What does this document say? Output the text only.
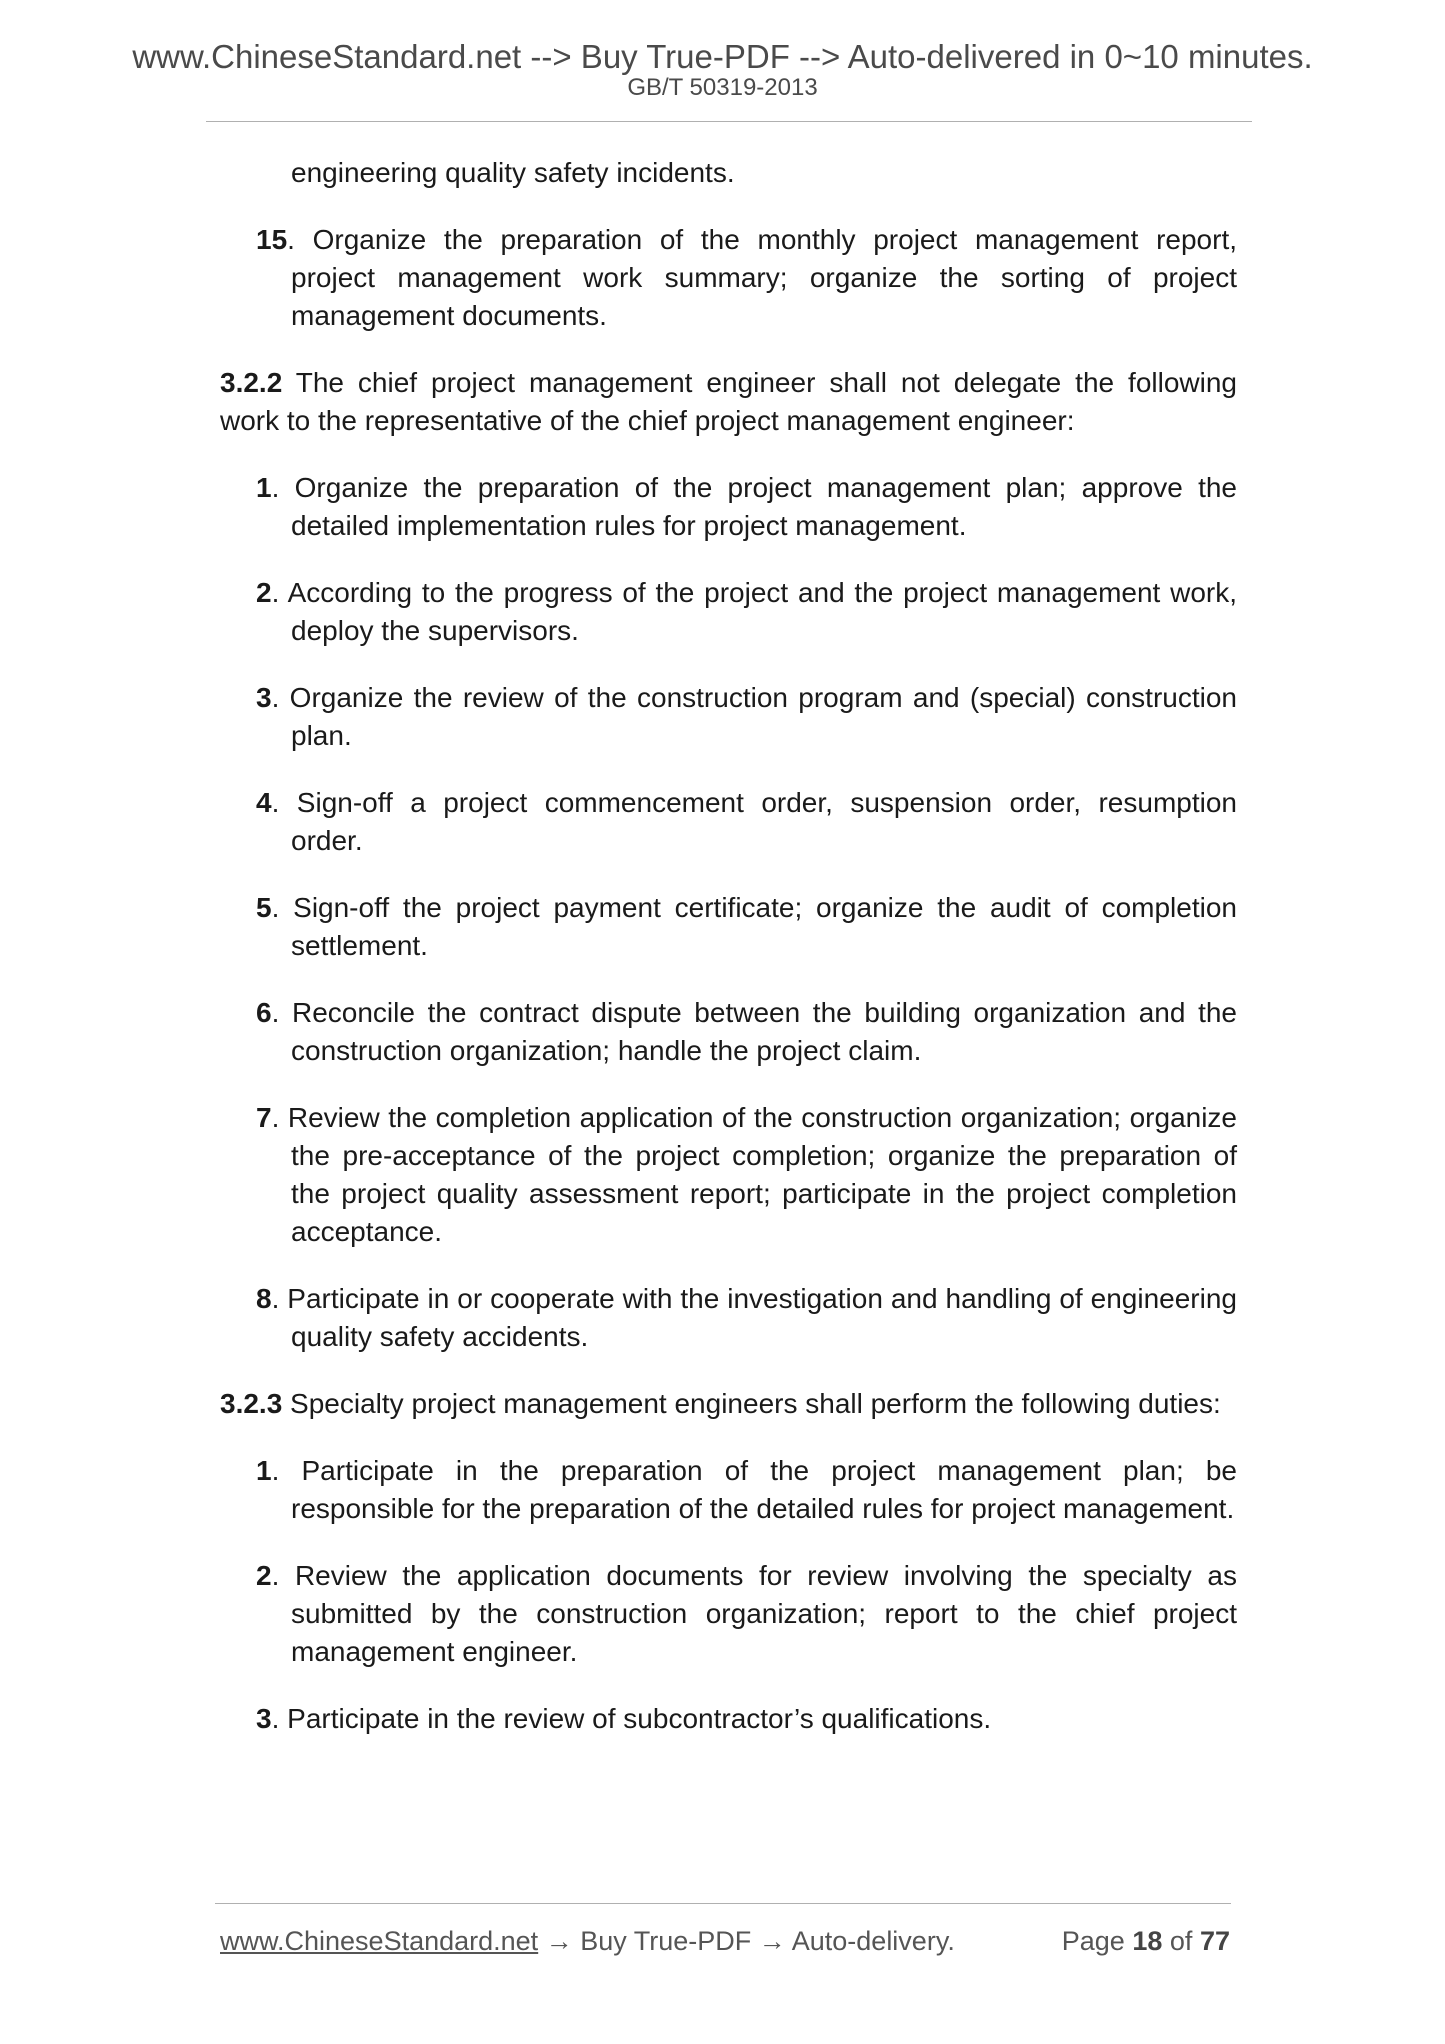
www.ChineseStandard.net --> Buy True-PDF --> Auto-delivered in 0~10 minutes.
GB/T 50319-2013

engineering quality safety incidents.

15. Organize the preparation of the monthly project management report, project management work summary; organize the sorting of project management documents.

3.2.2 The chief project management engineer shall not delegate the following work to the representative of the chief project management engineer:

1. Organize the preparation of the project management plan; approve the detailed implementation rules for project management.

2. According to the progress of the project and the project management work, deploy the supervisors.

3. Organize the review of the construction program and (special) construction plan.

4. Sign-off a project commencement order, suspension order, resumption order.

5. Sign-off the project payment certificate; organize the audit of completion settlement.

6. Reconcile the contract dispute between the building organization and the construction organization; handle the project claim.

7. Review the completion application of the construction organization; organize the pre-acceptance of the project completion; organize the preparation of the project quality assessment report; participate in the project completion acceptance.

8. Participate in or cooperate with the investigation and handling of engineering quality safety accidents.

3.2.3 Specialty project management engineers shall perform the following duties:

1. Participate in the preparation of the project management plan; be responsible for the preparation of the detailed rules for project management.

2. Review the application documents for review involving the specialty as submitted by the construction organization; report to the chief project management engineer.

3. Participate in the review of subcontractor’s qualifications.

www.ChineseStandard.net → Buy True-PDF → Auto-delivery.	Page 18 of 77
